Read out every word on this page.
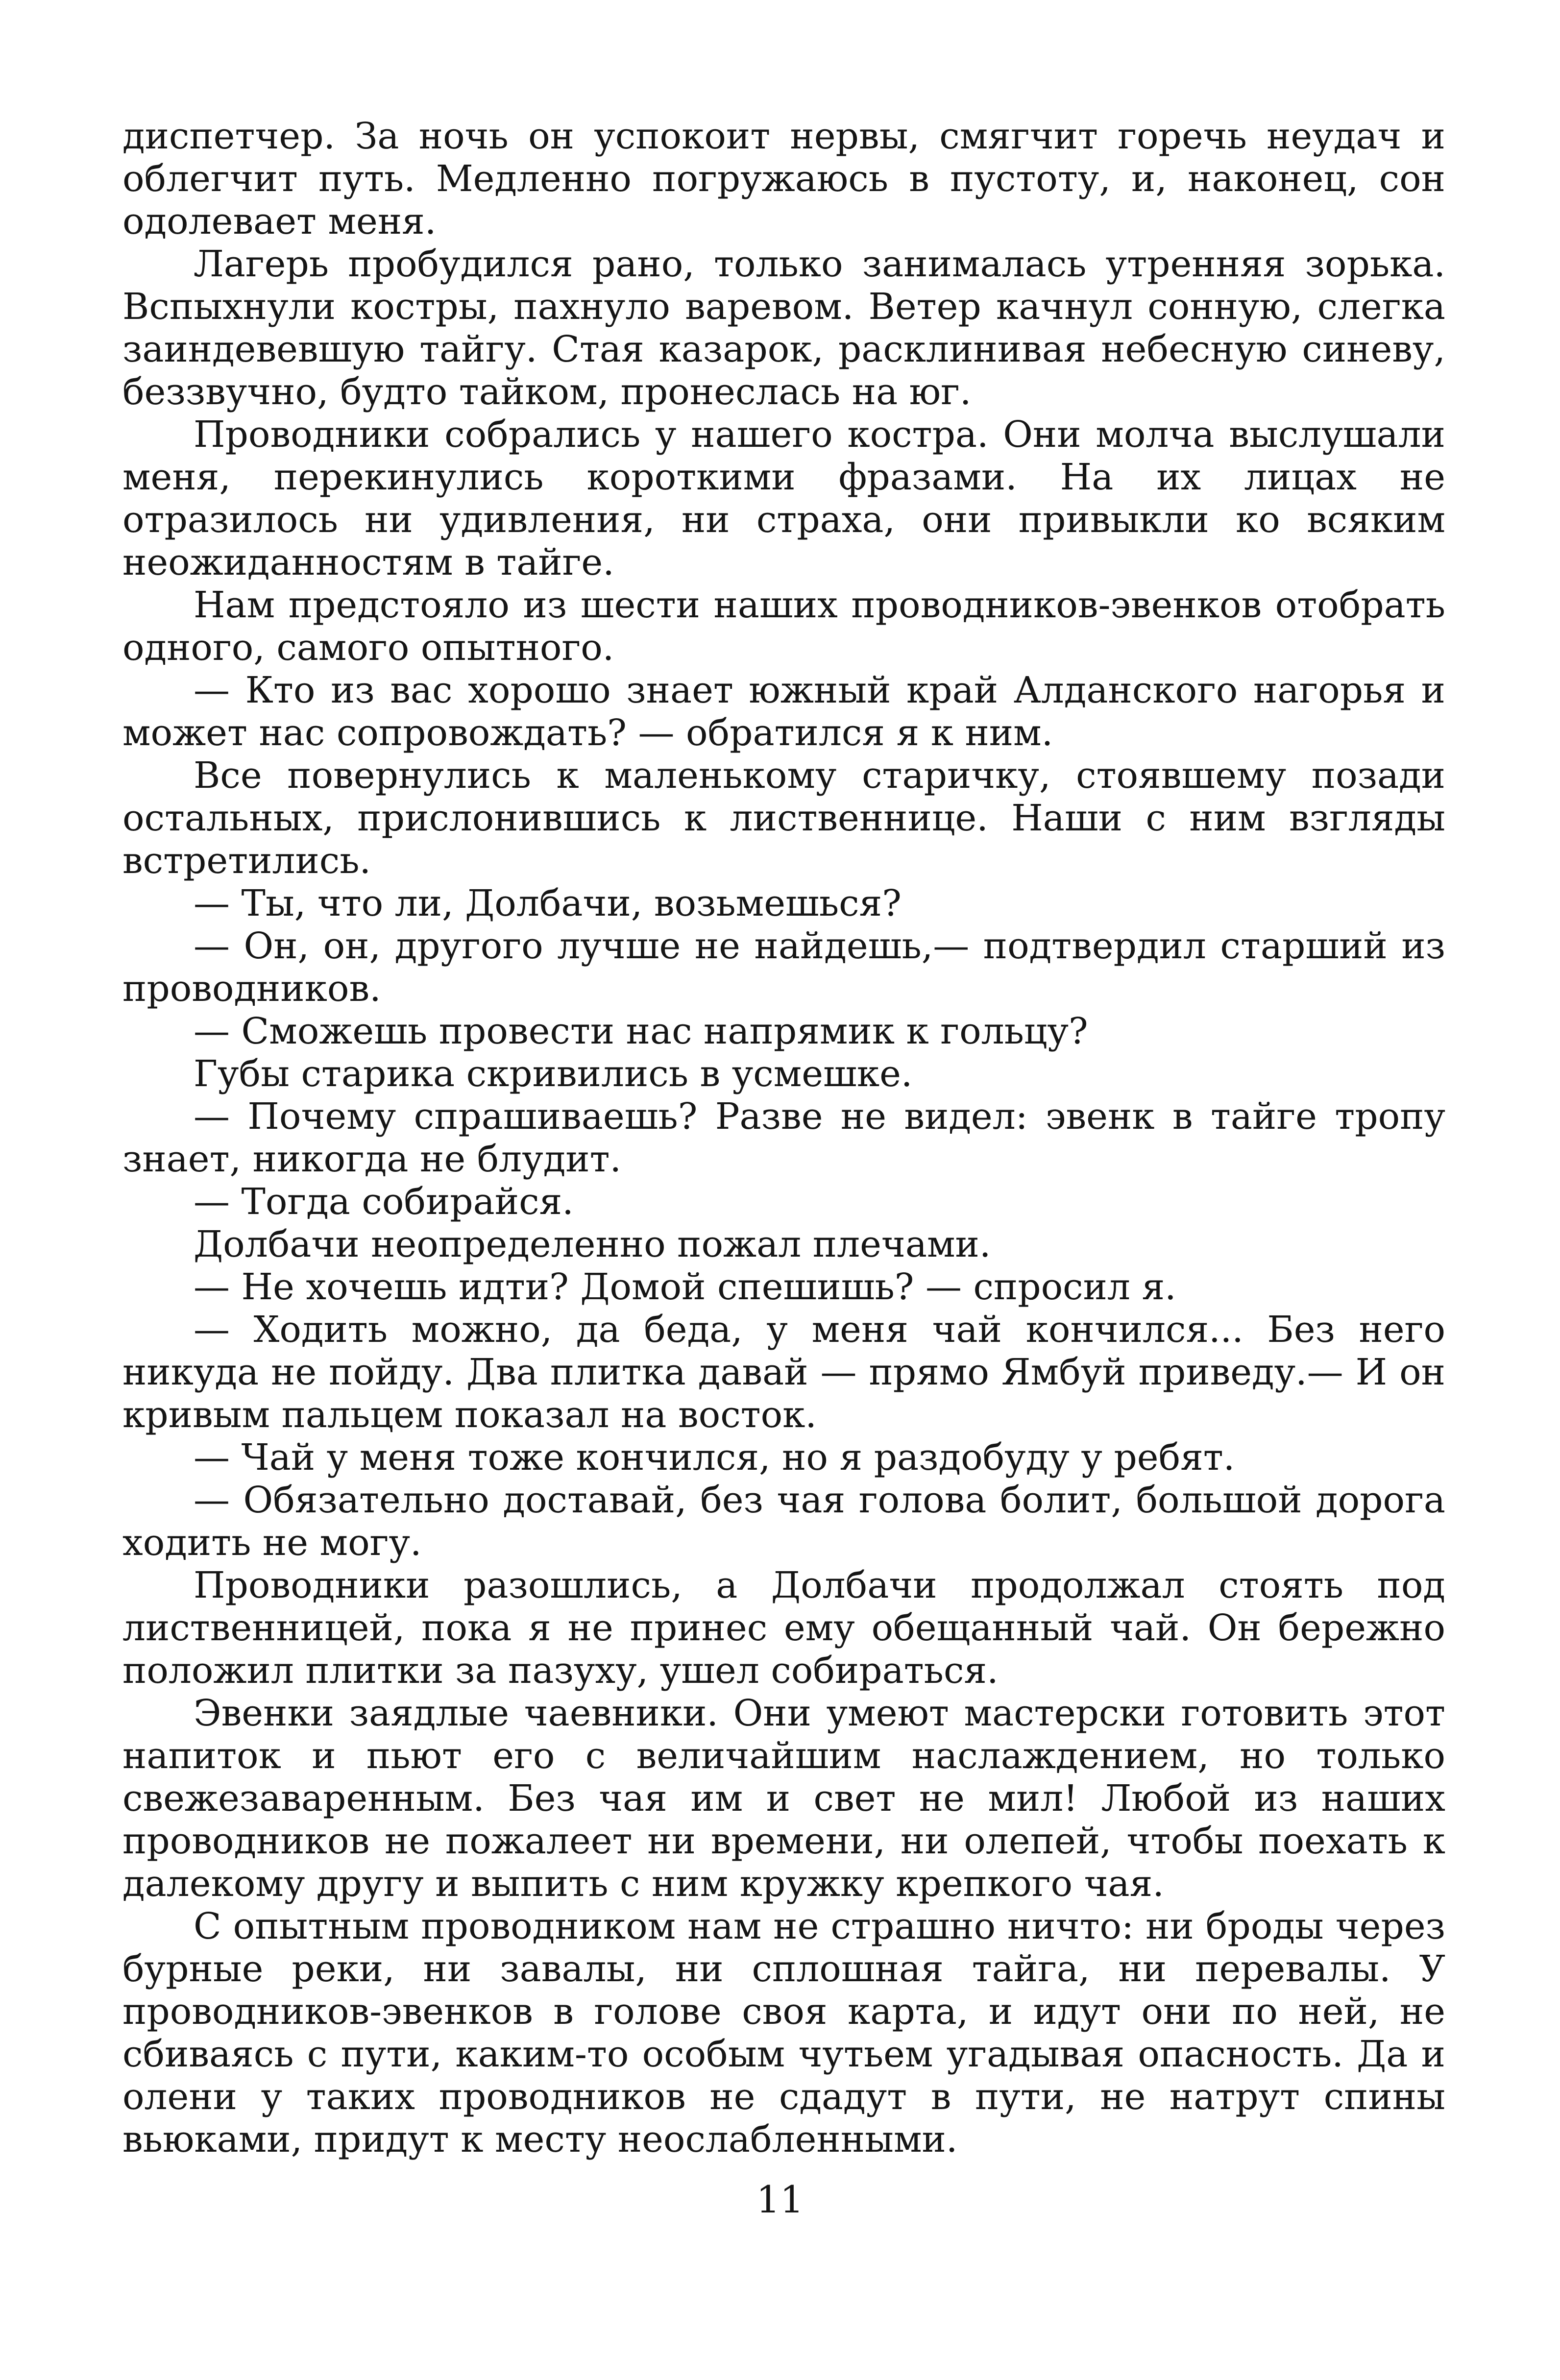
диспетчер. За ночь он успокоит нервы, смягчит горечь неудач и облегчит путь. Медленно погружаюсь в пустоту, и, наконец, сон одолевает меня.

Лагерь пробудился рано, только занималась утренняя зорька. Вспыхнули костры, пахнуло варевом. Ветер качнул сонную, слегка заиндевевшую тайгу. Стая казарок, расклинивая небесную синеву, беззвучно, будто тайком, пронеслась на юг.

Проводники собрались у нашего костра. Они молча выслушали меня, перекинулись короткими фразами. На их лицах не отразилось ни удивления, ни страха, они привыкли ко всяким неожиданностям в тайге.

Нам предстояло из шести наших проводников-эвенков отобрать одного, самого опытного.

— Кто из вас хорошо знает южный край Алданского нагорья и может нас сопровождать? — обратился я к ним.

Все повернулись к маленькому старичку, стоявшему позади остальных, прислонившись к лиственнице. Наши с ним взгляды встретились.

— Ты, что ли, Долбачи, возьмешься?

— Он, он, другого лучше не найдешь,— подтвердил старший из проводников.

— Сможешь провести нас напрямик к гольцу?

Губы старика скривились в усмешке.

— Почему спрашиваешь? Разве не видел: эвенк в тайге тропу знает, никогда не блудит.

— Тогда собирайся.

Долбачи неопределенно пожал плечами.

— Не хочешь идти? Домой спешишь? — спросил я.

— Ходить можно, да беда, у меня чай кончился... Без него никуда не пойду. Два плитка давай — прямо Ямбуй приведу.— И он кривым пальцем показал на восток.

— Чай у меня тоже кончился, но я раздобуду у ребят.

— Обязательно доставай, без чая голова болит, большой дорога ходить не могу.

Проводники разошлись, а Долбачи продолжал стоять под лиственницей, пока я не принес ему обещанный чай. Он бережно положил плитки за пазуху, ушел собираться.

Эвенки заядлые чаевники. Они умеют мастерски готовить этот напиток и пьют его с величайшим наслаждением, но только свежезаваренным. Без чая им и свет не мил! Любой из наших проводников не пожалеет ни времени, ни олепей, чтобы поехать к далекому другу и выпить с ним кружку крепкого чая.

С опытным проводником нам не страшно ничто: ни броды через бурные реки, ни завалы, ни сплошная тайга, ни перевалы. У проводников-эвенков в голове своя карта, и идут они по ней, не сбиваясь с пути, каким-то особым чутьем угадывая опасность. Да и олени у таких проводников не сдадут в пути, не натрут спины вьюками, придут к месту неослабленными.

11
